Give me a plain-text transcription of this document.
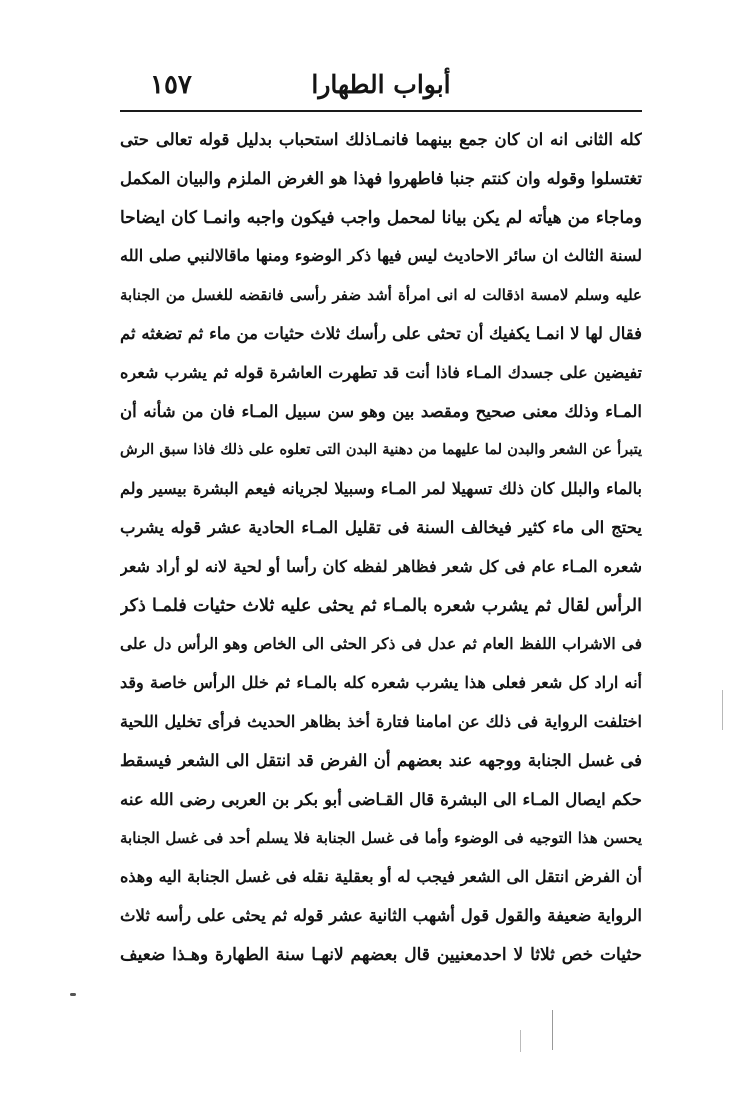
أبواب الطهارا
١٥٧
كله الثانى انه ان كان جمع بينهما فانمـاذلك استحباب بدليل قوله تعالى حتى
تغتسلوا وقوله وان كنتم جنبا فاطهروا فهذا هو الغرض الملزم والبيان المكمل
وماجاء من هيأته لم يكن بيانا لمحمل واجب فيكون واجبه وانمـا كان ايضاحا
لسنة الثالث ان سائر الاحاديث ليس فيها ذكر الوضوء ومنها ماقالالنبي صلى الله
عليه وسلم لامسة اذقالت له انى امرأة أشد ضفر رأسى فانقضه للغسل من الجنابة
فقال لها لا انمـا يكفيك أن تحثى على رأسك ثلاث حثيات من ماء ثم تضغثه ثم
تفيضين على جسدك المـاء فاذا أنت قد تطهرت العاشرة قوله ثم يشرب شعره
المـاء وذلك معنى صحيح ومقصد بين وهو سن سبيل المـاء فان من شأنه أن
يتبرأ عن الشعر والبدن لما عليهما من دهنية البدن التى تعلوه على ذلك فاذا سبق الرش
بالماء والبلل كان ذلك تسهيلا لمر المـاء وسبيلا لجريانه فيعم البشرة بيسير ولم
يحتج الى ماء كثير فيخالف السنة فى تقليل المـاء الحادية عشر قوله يشرب
شعره المـاء عام فى كل شعر فظاهر لفظه كان رأسا أو لحية لانه لو أراد شعر
الرأس لقال ثم يشرب شعره بالمـاء ثم يحثى عليه ثلاث حثيات فلمـا ذكر
فى الاشراب اللفظ العام ثم عدل فى ذكر الحثى الى الخاص وهو الرأس دل على
أنه اراد كل شعر فعلى هذا يشرب شعره كله بالمـاء ثم خلل الرأس خاصة وقد
اختلفت الرواية فى ذلك عن امامنا فتارة أخذ بظاهر الحديث فرأى تخليل اللحية
فى غسل الجنابة ووجهه عند بعضهم أن الفرض قد انتقل الى الشعر فيسقط
حكم ايصال المـاء الى البشرة قال القـاضى أبو بكر بن العربى رضى الله عنه
يحسن هذا التوجيه فى الوضوء وأما فى غسل الجنابة فلا يسلم أحد فى غسل الجنابة
أن الفرض انتقل الى الشعر فيجب له أو بعقلية نقله فى غسل الجنابة اليه وهذه
الرواية ضعيفة والقول قول أشهب الثانية عشر قوله ثم يحثى على رأسه ثلاث
حثيات خص ثلاثا لا احدمعنيين قال بعضهم لانهـا سنة الطهارة وهـذا ضعيف
